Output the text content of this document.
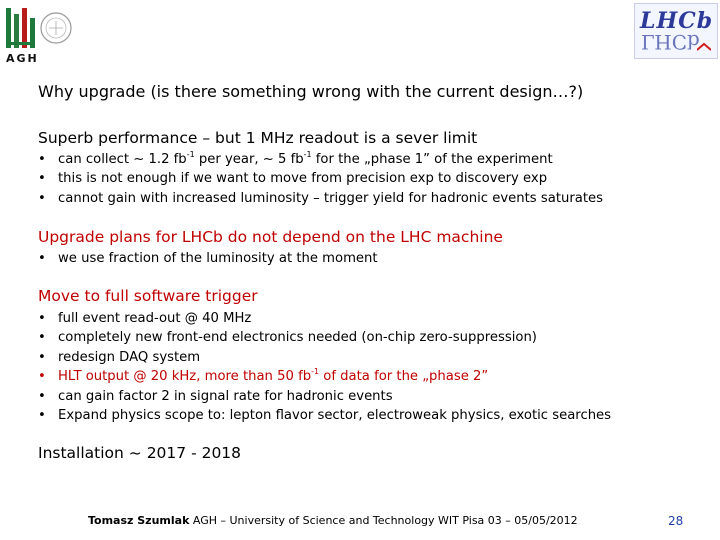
AGH
LHCb
LHCb
Why upgrade (is there something wrong with the current design…?)
Superb performance – but 1 MHz readout is a sever limit
• can collect ~ 1.2 $fb^{-1}$ per year, ~ 5 $fb^{-1}$ for the „phase 1” of the experiment
• this is not enough if we want to move from precision exp to discovery exp
• cannot gain with increased luminosity – trigger yield for hadronic events saturates
Upgrade plans for LHCb do not depend on the LHC machine
• we use fraction of the luminosity at the moment
Move to full software trigger
• full event read-out @ 40 MHz
• completely new front-end electronics needed (on-chip zero-suppression)
• redesign DAQ system
• HLT output @ 20 kHz, more than 50 $fb^{-1}$ of data for the „phase 2”
• can gain factor 2 in signal rate for hadronic events
• Expand physics scope to: lepton flavor sector, electroweak physics, exotic searches
Installation ~ 2017 - 2018
Tomasz Szumlak AGH – University of Science and Technology WIT Pisa 03 – 05/05/2012	28
